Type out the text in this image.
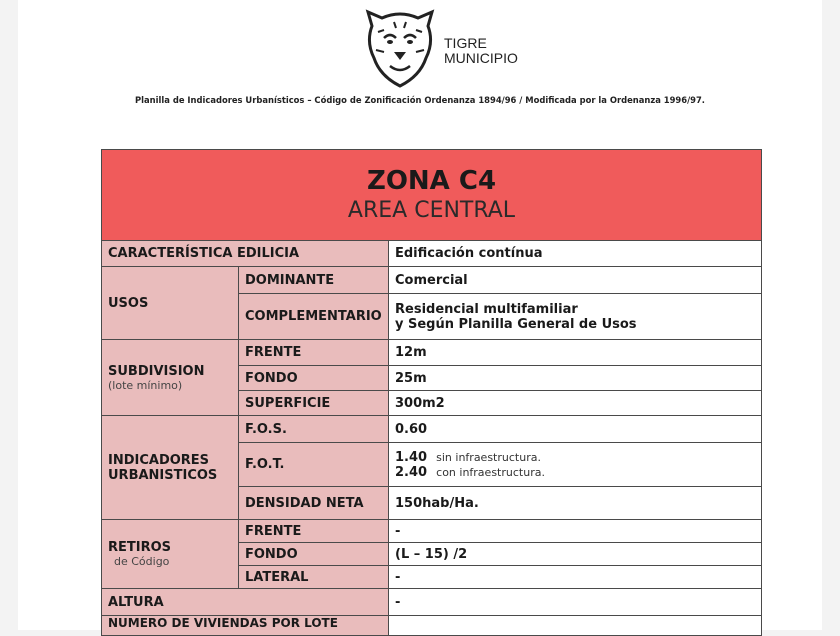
TIGRE
MUNICIPIO
Planilla de Indicadores Urbanísticos – Código de Zonificación Ordenanza 1894/96 / Modificada por la Ordenanza 1996/97.
ZONA C4
AREA CENTRAL		

CARACTERÍSTICA EDILICIA		Edificación contínua
USOS	DOMINANTE	Comercial
	COMPLEMENTARIO	Residencial multifamiliar
y Según Planilla General de Usos

SUBDIVISION
(lote mínimo)	FRENTE	12m
	FONDO	25m
	SUPERFICIE	300m2

INDICADORES
URBANISTICOS	F.O.S.	0.60
	F.O.T.	1.40 sin infraestructura.
2.40 con infraestructura.

	DENSIDAD NETA	150hab/Ha.

RETIROS
de Código	FRENTE	-
	FONDO	(L – 15) /2
	LATERAL	-
ALTURA		-
NUMERO DE VIVIENDAS POR LOTE		
